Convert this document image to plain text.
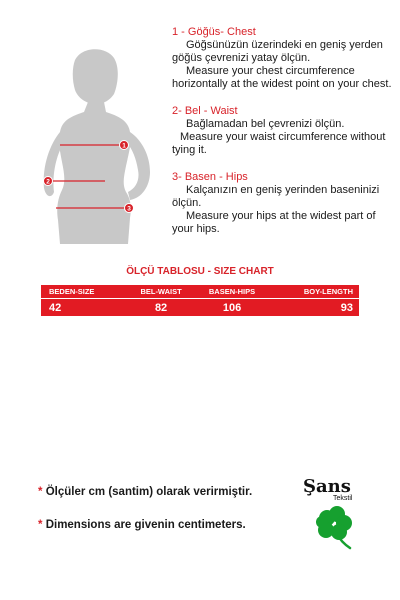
1
2
3
1 - Göğüs- Chest
Göğsünüzün üzerindeki en geniş yerden
göğüs çevrenizi yatay ölçün.
Measure your chest circumference
horizontally at the widest point on your chest.
2- Bel - Waist
Bağlamadan bel çevrenizi ölçün.
Measure your waist circumference without
tying it.
3- Basen - Hips
Kalçanızın en geniş yerinden baseninizi
ölçün.
Measure your hips at the widest part of
your hips.
ÖLÇÜ TABLOSU - SIZE CHART
BEDEN-SIZE	BEL-WAIST	BASEN-HIPS	BOY-LENGTH
42	82	106	93
* Ölçüler cm (santim) olarak verirmiştir.
* Dimensions are givenin centimeters.
Şans
Tekstil
